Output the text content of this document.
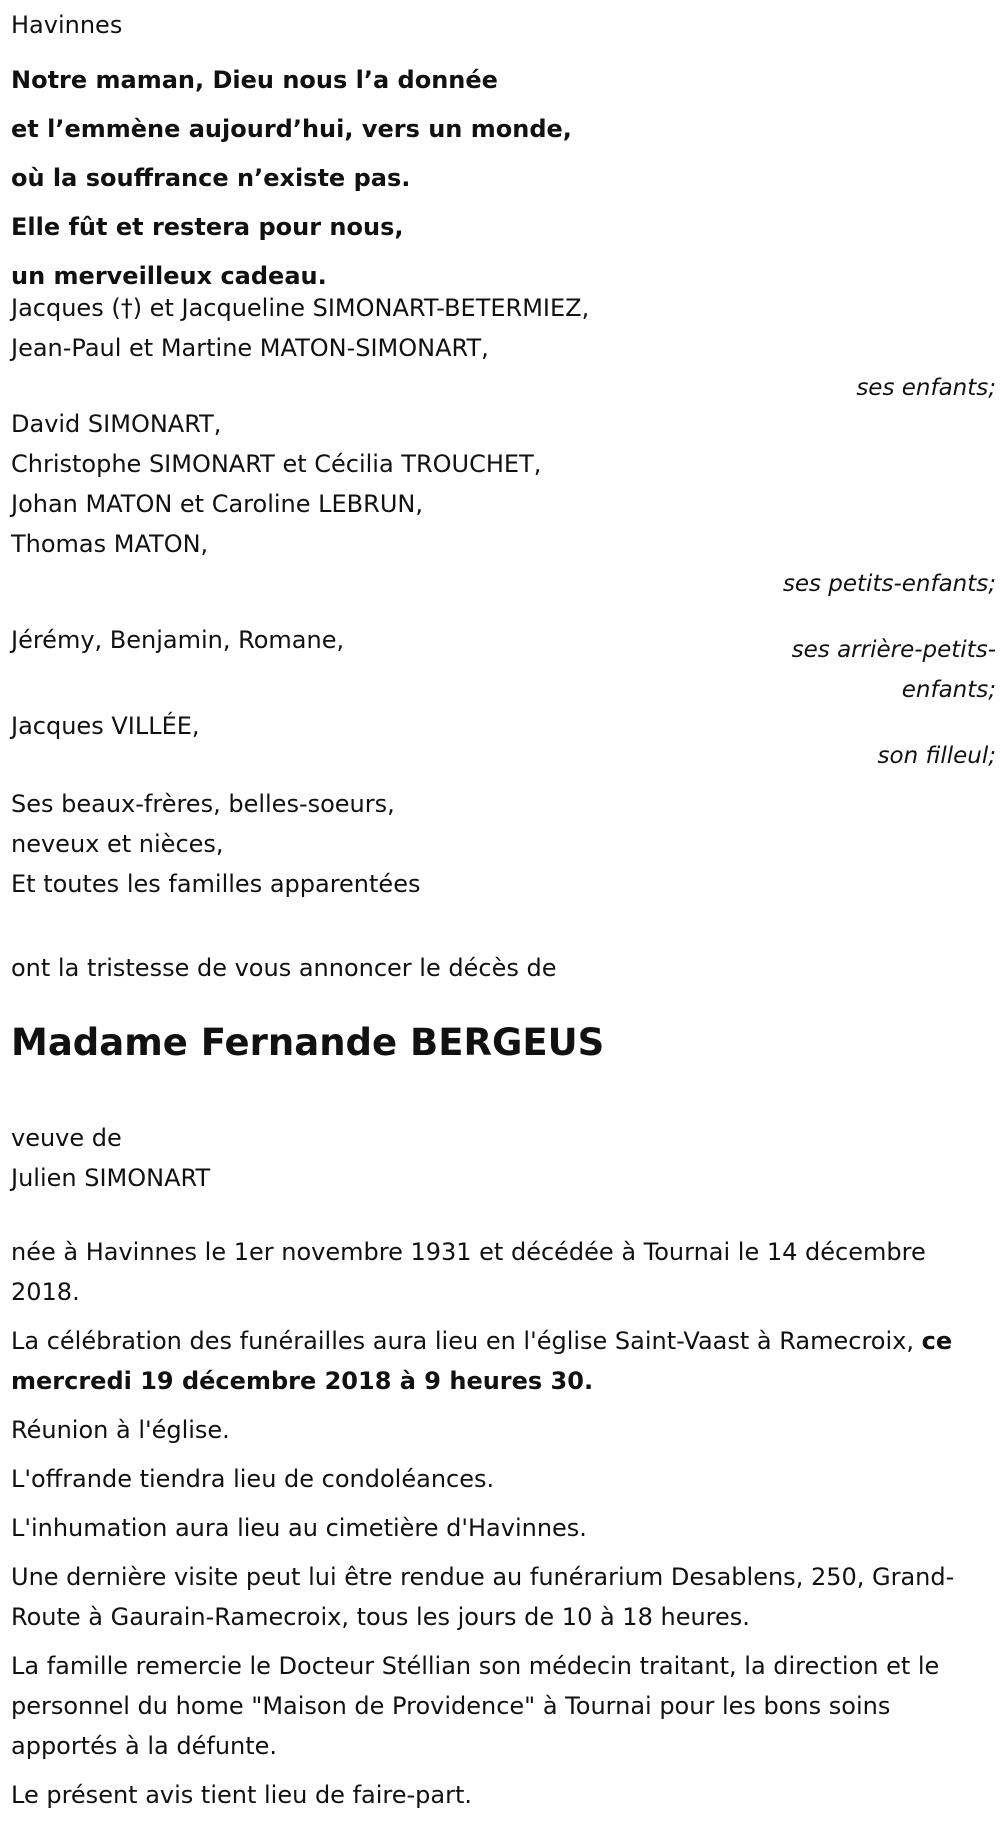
Havinnes
Notre maman, Dieu nous l’a donnée
et l’emmène aujourd’hui, vers un monde,
où la souffrance n’existe pas.
Elle fût et restera pour nous,
un merveilleux cadeau.
Jacques (†) et Jacqueline SIMONART-BETERMIEZ,
Jean-Paul et Martine MATON-SIMONART,
ses enfants;
David SIMONART,
Christophe SIMONART et Cécilia TROUCHET,
Johan MATON et Caroline LEBRUN,
Thomas MATON,
ses petits-enfants;
Jérémy, Benjamin, Romane,	ses arrière-petits-
enfants;
Jacques VILLÉE,
son filleul;
Ses beaux-frères, belles-soeurs,
neveux et nièces,
Et toutes les familles apparentées
ont la tristesse de vous annoncer le décès de
Madame Fernande BERGEUS
veuve de
Julien SIMONART

née à Havinnes le 1er novembre 1931 et décédée à Tournai le 14 décembre 2018.

La célébration des funérailles aura lieu en l'église Saint-Vaast à Ramecroix, ce mercredi 19 décembre 2018 à 9 heures 30.

Réunion à l'église.

L'offrande tiendra lieu de condoléances.

L'inhumation aura lieu au cimetière d'Havinnes.

Une dernière visite peut lui être rendue au funérarium Desablens, 250, Grand-Route à Gaurain-Ramecroix, tous les jours de 10 à 18 heures.

La famille remercie le Docteur Stéllian son médecin traitant, la direction et le personnel du home "Maison de Providence" à Tournai pour les bons soins apportés à la défunte.

Le présent avis tient lieu de faire-part.
